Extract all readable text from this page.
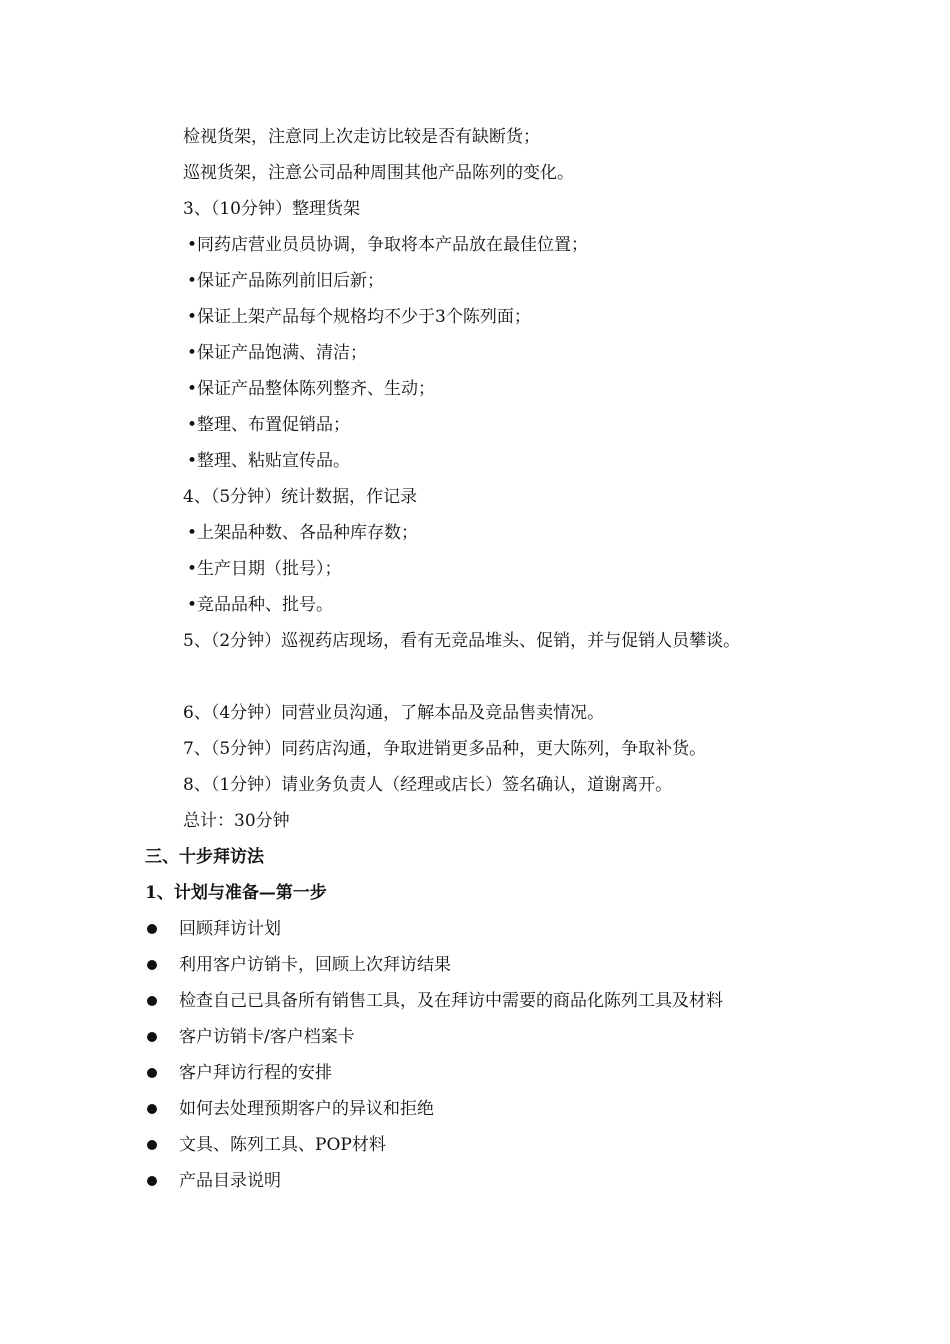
检视货架，注意同上次走访比较是否有缺断货；
巡视货架，注意公司品种周围其他产品陈列的变化。
3、（10分钟）整理货架
•同药店营业员员协调，争取将本产品放在最佳位置；
•保证产品陈列前旧后新；
•保证上架产品每个规格均不少于3个陈列面；
•保证产品饱满、清洁；
•保证产品整体陈列整齐、生动；
•整理、布置促销品；
•整理、粘贴宣传品。
4、（5分钟）统计数据，作记录
•上架品种数、各品种库存数；
•生产日期（批号）；
•竞品品种、批号。
5、（2分钟）巡视药店现场，看有无竞品堆头、促销，并与促销人员攀谈。
6、（4分钟）同营业员沟通，了解本品及竞品售卖情况。
7、（5分钟）同药店沟通，争取进销更多品种，更大陈列，争取补货。
8、（1分钟）请业务负责人（经理或店长）签名确认，道谢离开。
总计：30分钟
三、十步拜访法
1、计划与准备—第一步
回顾拜访计划
利用客户访销卡，回顾上次拜访结果
检查自己已具备所有销售工具，及在拜访中需要的商品化陈列工具及材料
客户访销卡/客户档案卡
客户拜访行程的安排
如何去处理预期客户的异议和拒绝
文具、陈列工具、POP材料
产品目录说明
